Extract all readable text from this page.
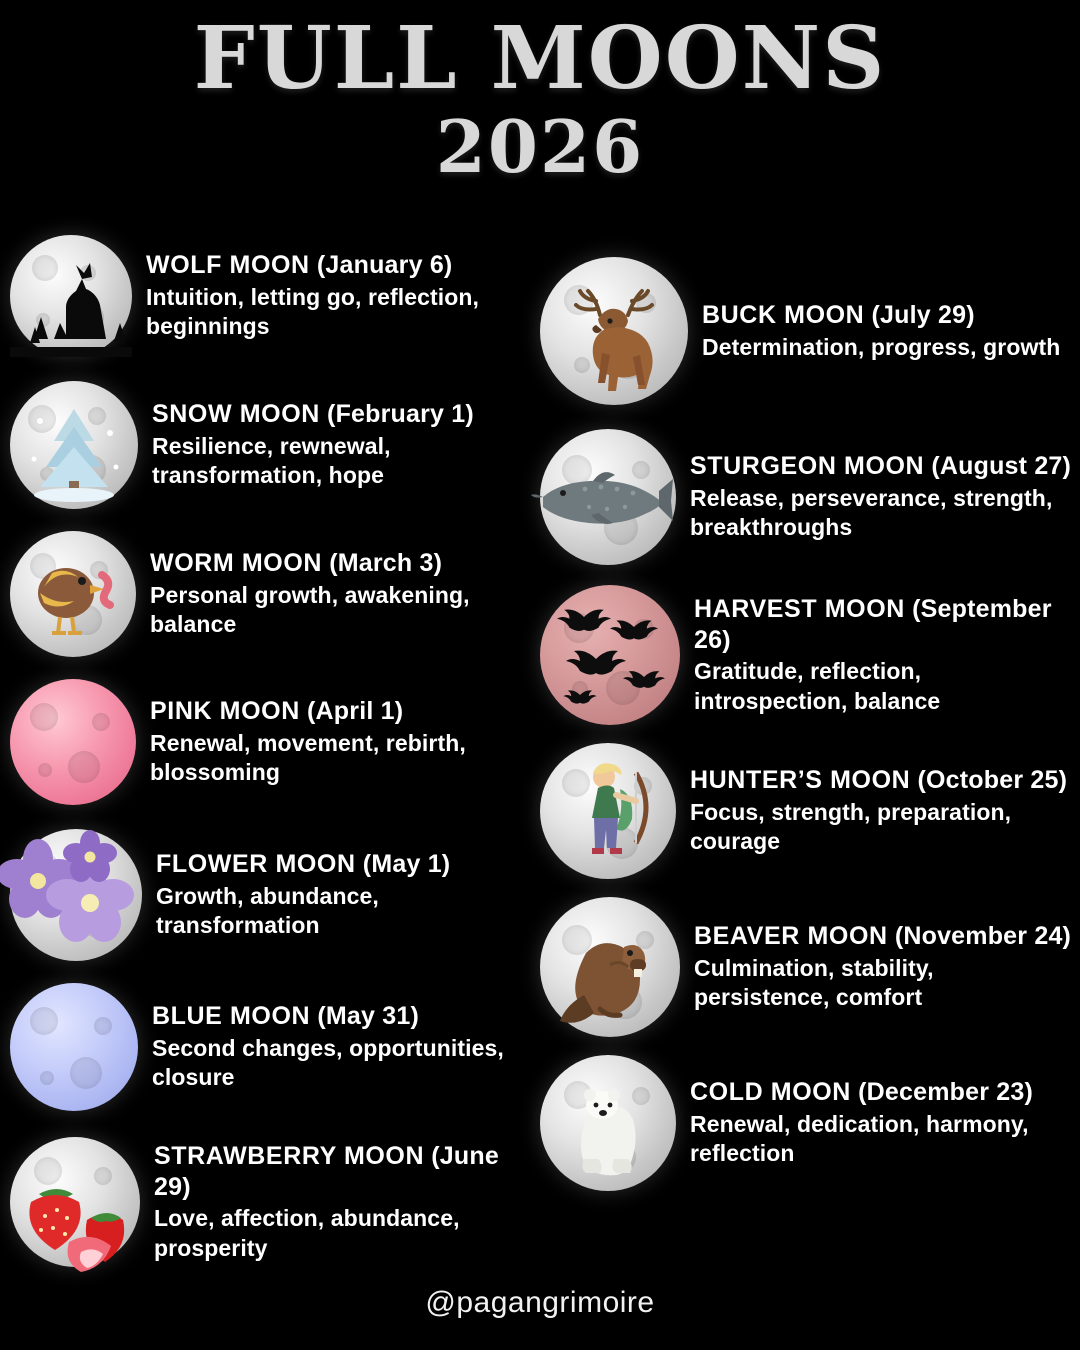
FULL MOONS
2026
WOLF MOON (January 6)
Intuition, letting go, reflection, beginnings
SNOW MOON (February 1)
Resilience, rewnewal, transformation, hope
WORM MOON (March 3)
Personal growth, awakening, balance
PINK MOON (April 1)
Renewal, movement, rebirth, blossoming
FLOWER MOON (May 1)
Growth, abundance, transformation
BLUE MOON (May 31)
Second changes, opportunities, closure
STRAWBERRY MOON (June 29)
Love, affection, abundance, prosperity
BUCK MOON (July 29)
Determination, progress, growth
STURGEON MOON (August 27)
Release, perseverance, strength, breakthroughs
HARVEST MOON (September 26)
Gratitude, reflection, introspection, balance
HUNTER’S MOON (October 25)
Focus, strength, preparation, courage
BEAVER MOON (November 24)
Culmination, stability, persistence, comfort
COLD MOON (December 23)
Renewal, dedication, harmony, reflection
@pagangrimoire
